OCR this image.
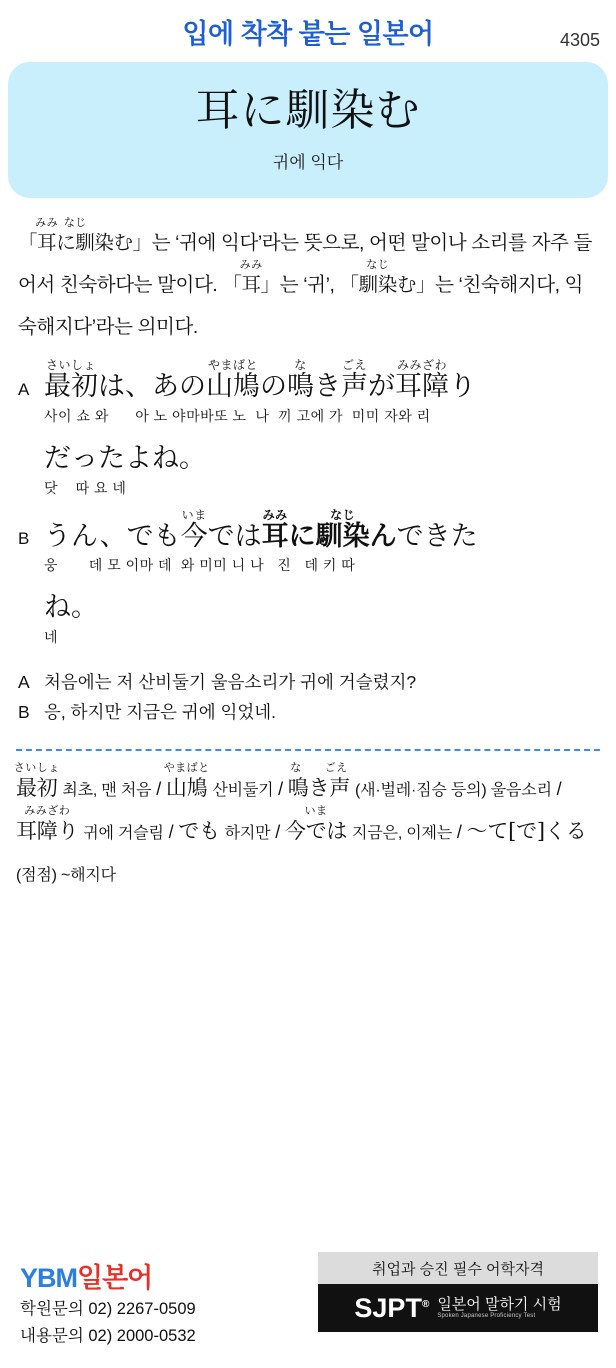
입에 착착 붙는 일본어	4305
耳に馴染む
귀에 익다
「
みみ
耳
なじ
に馴 染む」는 ‘귀에 익다’라는 뜻으로, 어떤 말이나 소리를 자주 들어서 친숙하다는 말이다. 「
みみ
耳 」는 ‘귀’, 「
なじ
馴染 む」는 ‘친숙해지다, 익숙해지다’라는 의미다.
A
さいしょ
最初 は、あの
やまばと
山鳩 の
な
鳴 き
ごえ
声 が
みみざわ
耳障 り
사이 쇼 와      아 노 야마바또 노  나  끼 고에 가  미미 자와 리
だったよね。
닷    따 요 네
B うん、でも
いま
今 では
みみ
耳 に
なじ
馴染 んできた
웅       데 모 이마 데  와 미미 니 나   진   데 키 따
ね。
네
A 처음에는 저 산비둘기 울음소리가 귀에 거슬렸지?
B 응, 하지만 지금은 귀에 익었네.
さいしょ
最初 최초, 맨 처음 /
やまばと
山鳩 산비둘기 /
な　　ごえ
鳴き声 (새·벌레·짐승 등의) 울음소리 /
みみざわ
耳障り 귀에 거슬림 / でも 하지만 /
いま
今では 지금은, 이제는 / 〜て[で]くる (점점) ~해지다
YBM일본어
학원문의 02) 2267-0509
내용문의 02) 2000-0532
취업과 승진 필수 어학자격
SJPT® 일본어 말하기 시험
Spoken Japanese Proficiency Test
